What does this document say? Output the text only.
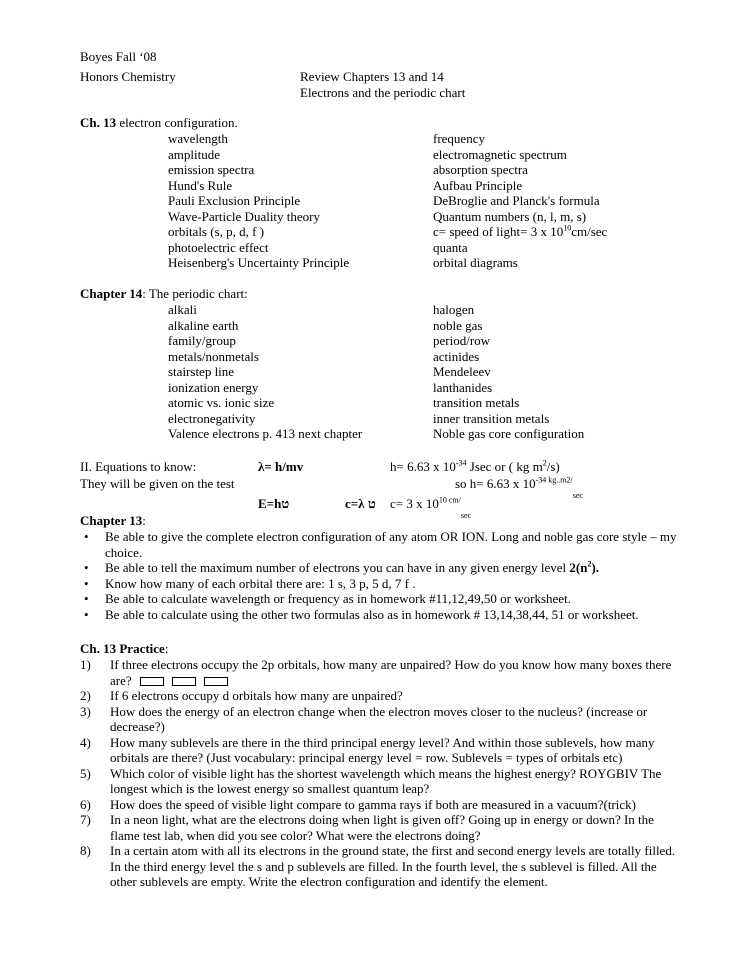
Boyes Fall ‘08
Honors Chemistry	Review Chapters 13 and 14
Electrons and the periodic chart
Ch. 13 electron configuration.
wavelength	frequency
amplitude	electromagnetic spectrum
emission spectra	absorption spectra
Hund's Rule	Aufbau Principle
Pauli Exclusion Principle	DeBroglie and Planck's formula
Wave-Particle Duality theory	Quantum numbers (n, l, m, s)
orbitals (s, p, d, f )	c= speed of light= 3 x $10^{10}cm/\sec$
photoelectric effect	quanta
Heisenberg's Uncertainty Principle	orbital diagrams
Chapter 14: The periodic chart:
alkali	halogen
alkaline earth	noble gas
family/group	period/row
metals/nonmetals	actinides
stairstep line	Mendeleev
ionization energy	lanthanides
atomic vs. ionic size	transition metals
electronegativity	inner transition metals
Valence electrons p. 413 next chapter	Noble gas core configuration
II. Equations to know:
They will be given on the test
λ= h/mv	h= 6.63 x $10^{-34}$ Jsec or ( kg $m^2/s$)
so h= 6.63 x $10^{-34 kg..m2/}_{sec}$
E=hט	c=λ ט c= 3 x $10^{10 cm/}_{sec}$
Chapter 13:
• Be able to give the complete electron configuration of any atom OR ION. Long and noble gas core style – my choice.
• Be able to tell the maximum number of electrons you can have in any given energy level $2(n^2)$.
• Know how many of each orbital there are: 1 s, 3 p, 5 d, 7 f .
• Be able to calculate wavelength or frequency as in homework #11,12,49,50 or worksheet.
• Be able to calculate using the other two formulas also as in homework # 13,14,38,44, 51 or worksheet.
Ch. 13 Practice:
1) If three electrons occupy the 2p orbitals, how many are unpaired? How do you know how many boxes there are?
2) If 6 electrons occupy d orbitals how many are unpaired?
3) How does the energy of an electron change when the electron moves closer to the nucleus? (increase or decrease?)
4) How many sublevels are there in the third principal energy level? And within those sublevels, how many orbitals are there? (Just vocabulary: principal energy level = row. Sublevels = types of orbitals etc)
5) Which color of visible light has the shortest wavelength which means the highest energy? ROYGBIV The longest which is the lowest energy so smallest quantum leap?
6) How does the speed of visible light compare to gamma rays if both are measured in a vacuum?(trick)
7) In a neon light, what are the electrons doing when light is given off? Going up in energy or down? In the flame test lab, when did you see color? What were the electrons doing?
8) In a certain atom with all its electrons in the ground state, the first and second energy levels are totally filled. In the third energy level the s and p sublevels are filled. In the fourth level, the s sublevel is filled. All the other sublevels are empty. Write the electron configuration and identify the element.
